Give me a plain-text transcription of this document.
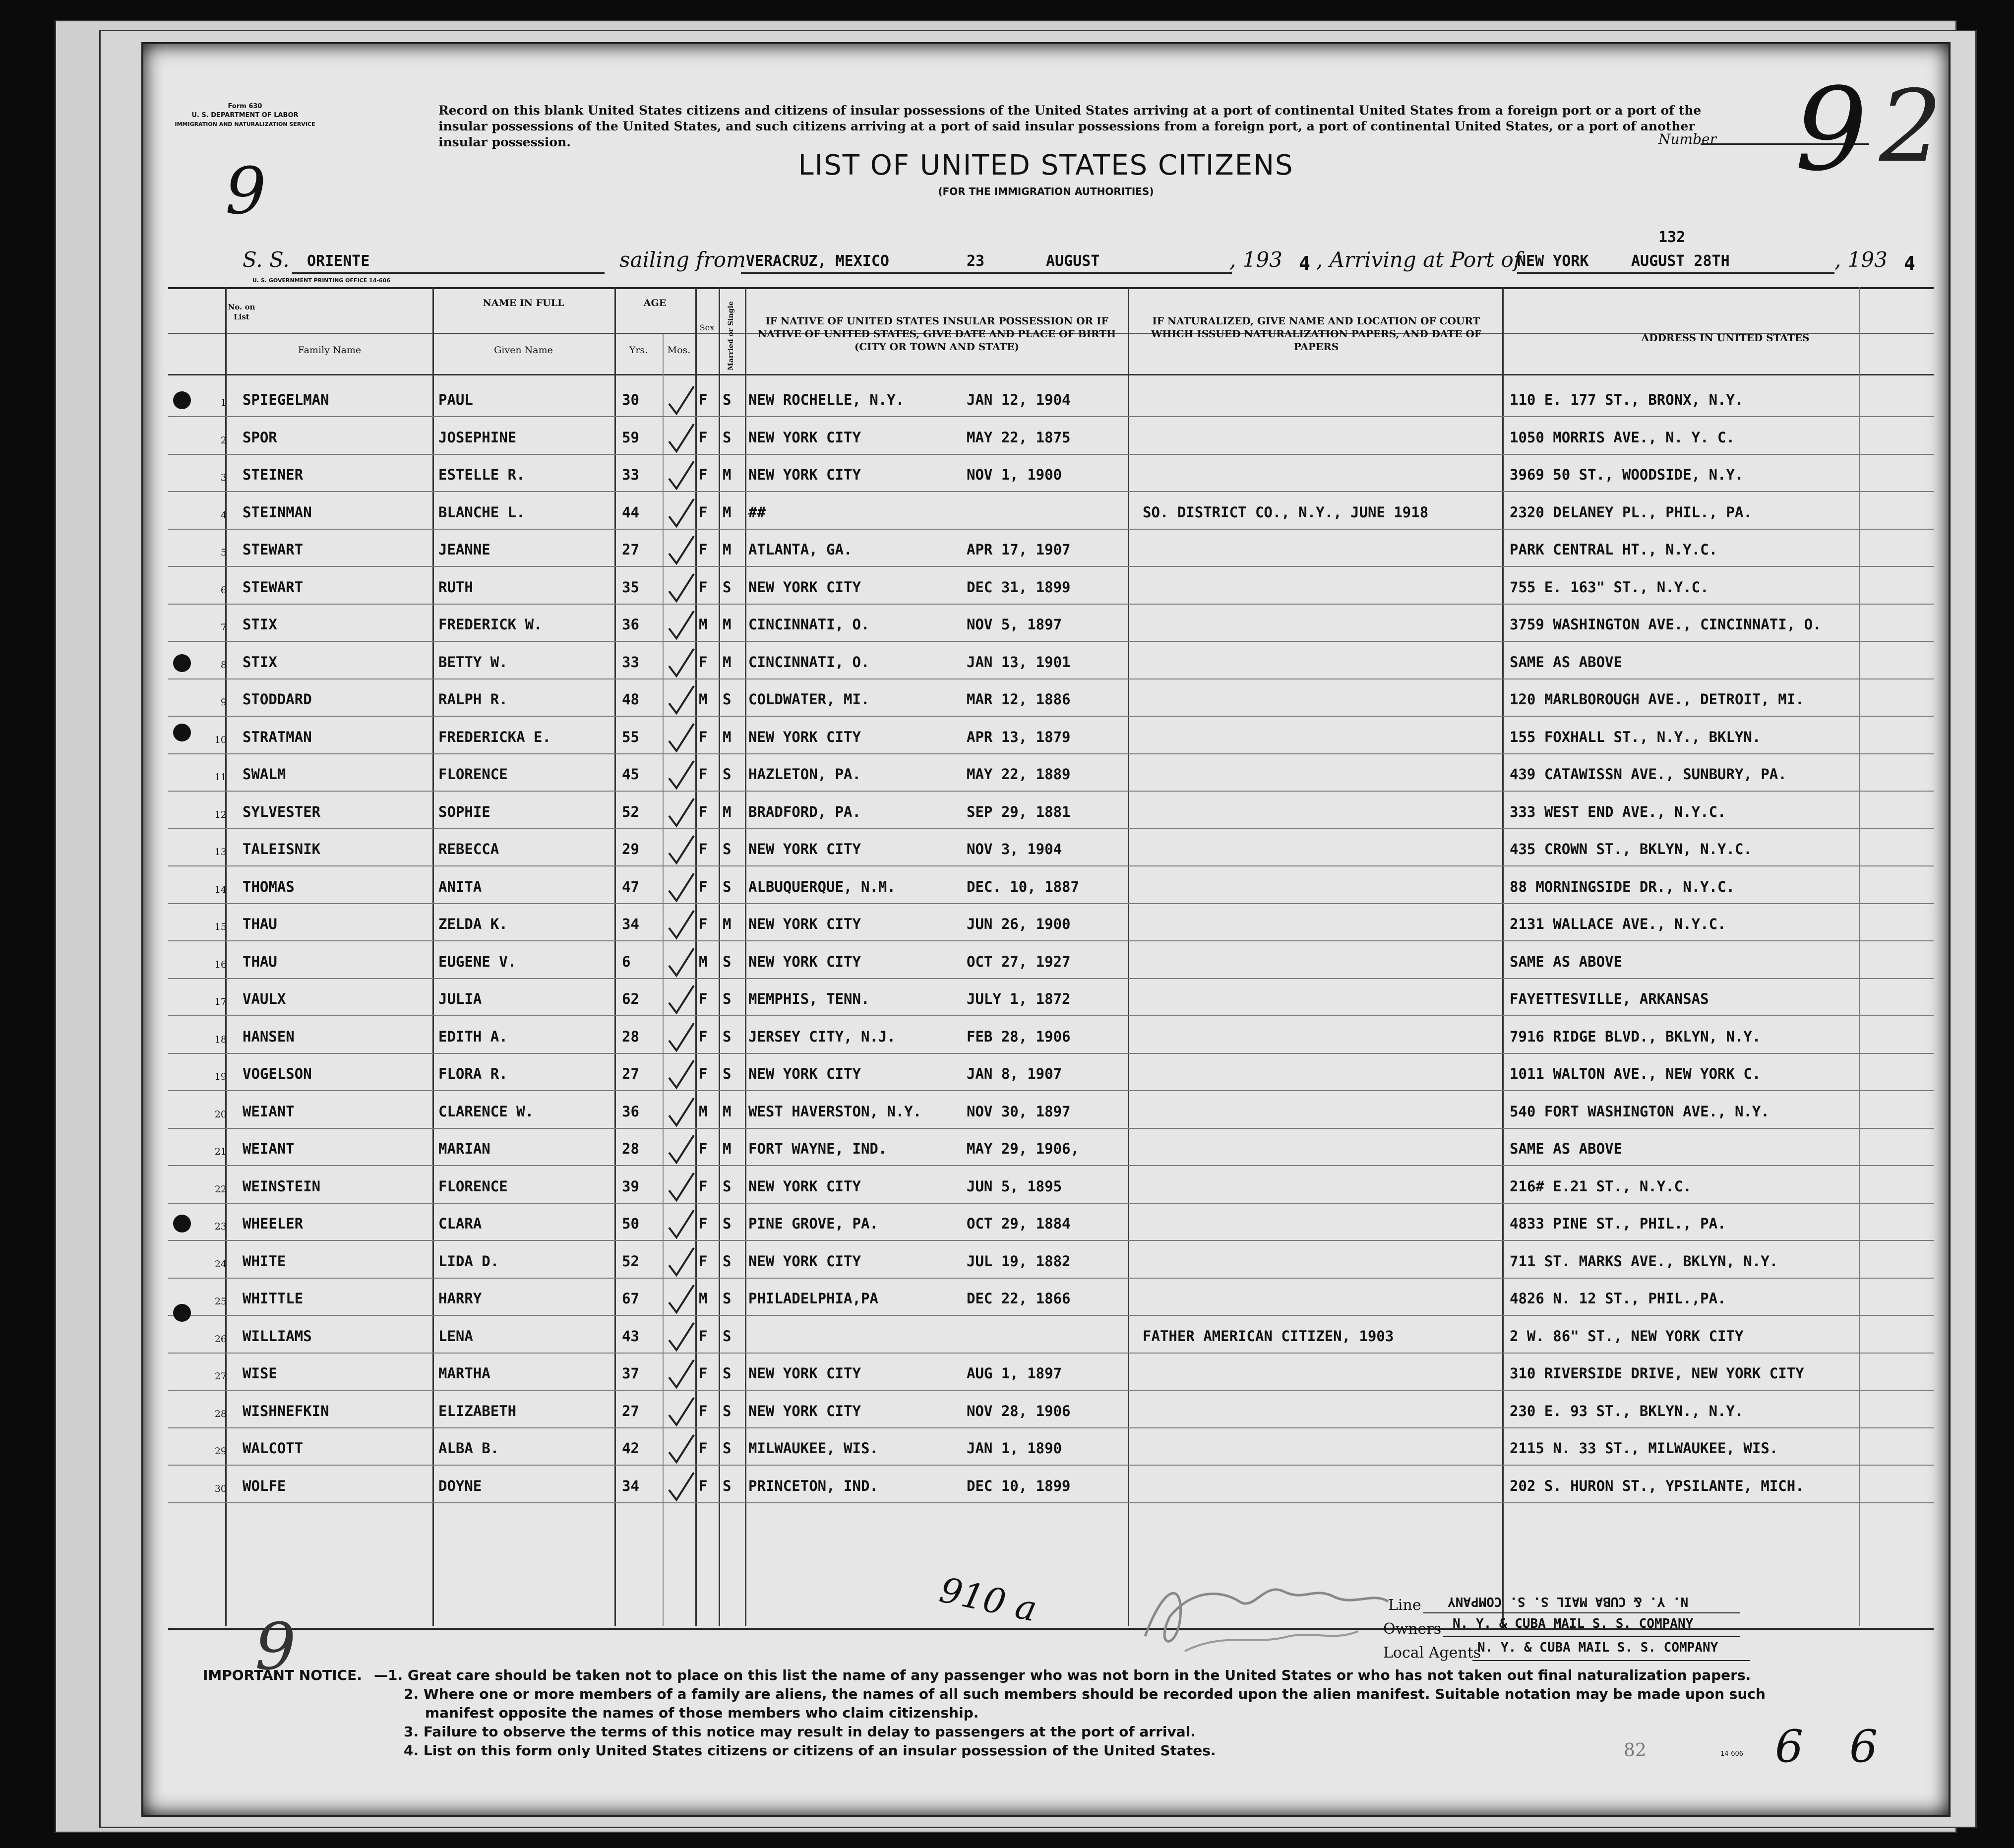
Form 630
U. S. DEPARTMENT OF LABOR
IMMIGRATION AND NATURALIZATION SERVICE
Record on this blank United States citizens and citizens of insular possessions of the United States arriving at a port of continental United States from a foreign port or a port of the insular possessions of the United States, and such citizens arriving at a port of said insular possessions from a foreign port, a port of continental United States, or a port of another insular possession.	Number 9 2
9	LIST OF UNITED STATES CITIZENS
(FOR THE IMMIGRATION AUTHORITIES)
S. S. ORIENTE	sailing from VERACRUZ, MEXICO	23	AUGUST	, 193 4 , Arriving at Port of
NEW YORK	AUGUST 28TH
132
, 193 4
U. S. GOVERNMENT PRINTING OFFICE 14-606
No. on List
NAME IN FULL
Family Name	Given Name
AGE
Yrs.	Mos.
Sex	Married or Single	IF NATIVE OF UNITED STATES INSULAR POSSESSION OR IF NATIVE OF UNITED STATES, GIVE DATE AND PLACE OF BIRTH (CITY OR TOWN AND STATE)
IF NATURALIZED, GIVE NAME AND LOCATION OF COURT WHICH ISSUED NATURALIZATION PAPERS, AND DATE OF PAPERS
ADDRESS IN UNITED STATES
1 SPIEGELMAN	PAUL	30	F S NEW ROCHELLE, N.Y.	JAN 12, 1904	110 E. 177 ST., BRONX, N.Y.
2 SPOR	JOSEPHINE	59	F S NEW YORK CITY	MAY 22, 1875	1050 MORRIS AVE., N. Y. C.
3 STEINER	ESTELLE R.	33	F M NEW YORK CITY	NOV 1, 1900	3969 50 ST., WOODSIDE, N.Y.
4 STEINMAN	BLANCHE L.	44	F M ##	SO. DISTRICT CO., N.Y., JUNE 1918	2320 DELANEY PL., PHIL., PA.
5 STEWART	JEANNE	27	F M ATLANTA, GA.	APR 17, 1907	PARK CENTRAL HT., N.Y.C.
6 STEWART	RUTH	35	F S NEW YORK CITY	DEC 31, 1899	755 E. 163" ST., N.Y.C.
7 STIX	FREDERICK W.	36	M M CINCINNATI, O.	NOV 5, 1897	3759 WASHINGTON AVE., CINCINNATI, O.
8 STIX	BETTY W.	33	F M CINCINNATI, O.	JAN 13, 1901	SAME AS ABOVE
9 STODDARD	RALPH R.	48	M S COLDWATER, MI.	MAR 12, 1886	120 MARLBOROUGH AVE., DETROIT, MI.
10 STRATMAN	FREDERICKA E.	55	F M NEW YORK CITY	APR 13, 1879	155 FOXHALL ST., N.Y., BKLYN.
11 SWALM	FLORENCE	45	F S HAZLETON, PA.	MAY 22, 1889	439 CATAWISSN AVE., SUNBURY, PA.
12 SYLVESTER	SOPHIE	52	F M BRADFORD, PA.	SEP 29, 1881	333 WEST END AVE., N.Y.C.
13 TALEISNIK	REBECCA	29	F S NEW YORK CITY	NOV 3, 1904	435 CROWN ST., BKLYN, N.Y.C.
14 THOMAS	ANITA	47	F S ALBUQUERQUE, N.M.	DEC. 10, 1887	88 MORNINGSIDE DR., N.Y.C.
15 THAU	ZELDA K.	34	F M NEW YORK CITY	JUN 26, 1900	2131 WALLACE AVE., N.Y.C.
16 THAU	EUGENE V.	6	M S NEW YORK CITY	OCT 27, 1927	SAME AS ABOVE
17 VAULX	JULIA	62	F S MEMPHIS, TENN.	JULY 1, 1872	FAYETTESVILLE, ARKANSAS
18 HANSEN	EDITH A.	28	F S JERSEY CITY, N.J.	FEB 28, 1906	7916 RIDGE BLVD., BKLYN, N.Y.
19 VOGELSON	FLORA R.	27	F S NEW YORK CITY	JAN 8, 1907	1011 WALTON AVE., NEW YORK C.
20 WEIANT	CLARENCE W.	36	M M WEST HAVERSTON, N.Y.	NOV 30, 1897	540 FORT WASHINGTON AVE., N.Y.
21 WEIANT	MARIAN	28	F M FORT WAYNE, IND.	MAY 29, 1906,	SAME AS ABOVE
22 WEINSTEIN	FLORENCE	39	F S NEW YORK CITY	JUN 5, 1895	216# E.21 ST., N.Y.C.
23 WHEELER	CLARA	50	F S PINE GROVE, PA.	OCT 29, 1884	4833 PINE ST., PHIL., PA.
24 WHITE	LIDA D.	52	F S NEW YORK CITY	JUL 19, 1882	711 ST. MARKS AVE., BKLYN, N.Y.
25 WHITTLE	HARRY	67	M S PHILADELPHIA,PA	DEC 22, 1866	4826 N. 12 ST., PHIL.,PA.
26 WILLIAMS	LENA	43	F S	FATHER AMERICAN CITIZEN, 1903	2 W. 86" ST., NEW YORK CITY
27 WISE	MARTHA	37	F S NEW YORK CITY	AUG 1, 1897	310 RIVERSIDE DRIVE, NEW YORK CITY
28 WISHNEFKIN	ELIZABETH	27	F S NEW YORK CITY	NOV 28, 1906	230 E. 93 ST., BKLYN., N.Y.
29 WALCOTT	ALBA B.	42	F S MILWAUKEE, WIS.	JAN 1, 1890	2115 N. 33 ST., MILWAUKEE, WIS.
30 WOLFE	DOYNE	34	F S PRINCETON, IND.	DEC 10, 1899	202 S. HURON ST., YPSILANTE, MICH.
910 a	Line N. Y. & CUBA MAIL S. S. COMPANY
Owners N. Y. & CUBA MAIL S. S. COMPANY
Local Agents
N. Y. & CUBA MAIL S. S. COMPANY
9
IMPORTANT NOTICE. —1. Great care should be taken not to place on this list the name of any passenger who was not born in the United States or who has not taken out final naturalization papers.
2. Where one or more members of a family are aliens, the names of all such members should be recorded upon the alien manifest. Suitable notation may be made upon such
manifest opposite the names of those members who claim citizenship.
3. Failure to observe the terms of this notice may result in delay to passengers at the port of arrival.
4. List on this form only United States citizens or citizens of an insular possession of the United States.	82	14-606 6 6
